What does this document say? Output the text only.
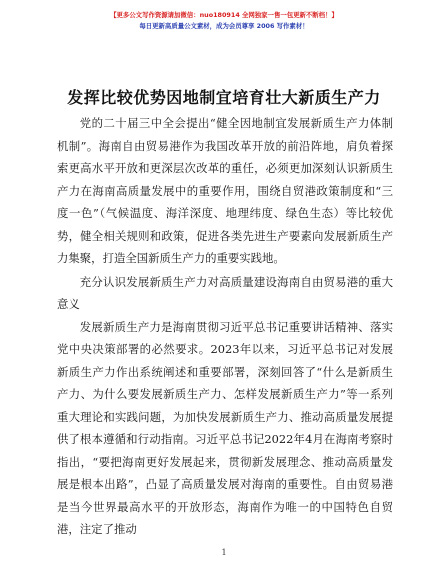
【更多公文写作资源请加微信：nuo180914 全网独家一售一包更新不断档！】
每日更新高质量公文素材，成为会员尊享 2006 写作素材！
发挥比较优势因地制宜培育壮大新质生产力

党的二十届三中全会提出“健全因地制宜发展新质生产力体制机制”。海南自由贸易港作为我国改革开放的前沿阵地，肩负着探索更高水平开放和更深层次改革的重任，必须更加深刻认识新质生产力在海南高质量发展中的重要作用，围绕自贸港政策制度和“三度一色”（气候温度、海洋深度、地理纬度、绿色生态）等比较优势，健全相关规则和政策，促进各类先进生产要素向发展新质生产力集聚，打造全国新质生产力的重要实践地。

充分认识发展新质生产力对高质量建设海南自由贸易港的重大意义

发展新质生产力是海南贯彻习近平总书记重要讲话精神、落实党中央决策部署的必然要求。2023年以来，习近平总书记对发展新质生产力作出系统阐述和重要部署，深刻回答了“什么是新质生产力、为什么要发展新质生产力、怎样发展新质生产力”等一系列重大理论和实践问题，为加快发展新质生产力、推动高质量发展提供了根本遵循和行动指南。习近平总书记2022年4月在海南考察时指出，“要把海南更好发展起来，贯彻新发展理念、推动高质量发展是根本出路”，凸显了高质量发展对海南的重要性。自由贸易港是当今世界最高水平的开放形态，海南作为唯一的中国特色自贸港，注定了推动

1
